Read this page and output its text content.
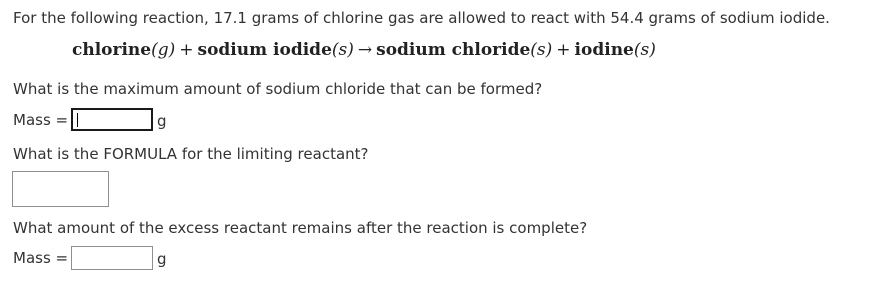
For the following reaction, 17.1 grams of chlorine gas are allowed to react with 54.4 grams of sodium iodide.
chlorine(g) + sodium iodide(s) → sodium chloride(s) + iodine(s)
What is the maximum amount of sodium chloride that can be formed?
Mass =	g
What is the FORMULA for the limiting reactant?
What amount of the excess reactant remains after the reaction is complete?
Mass =	g
